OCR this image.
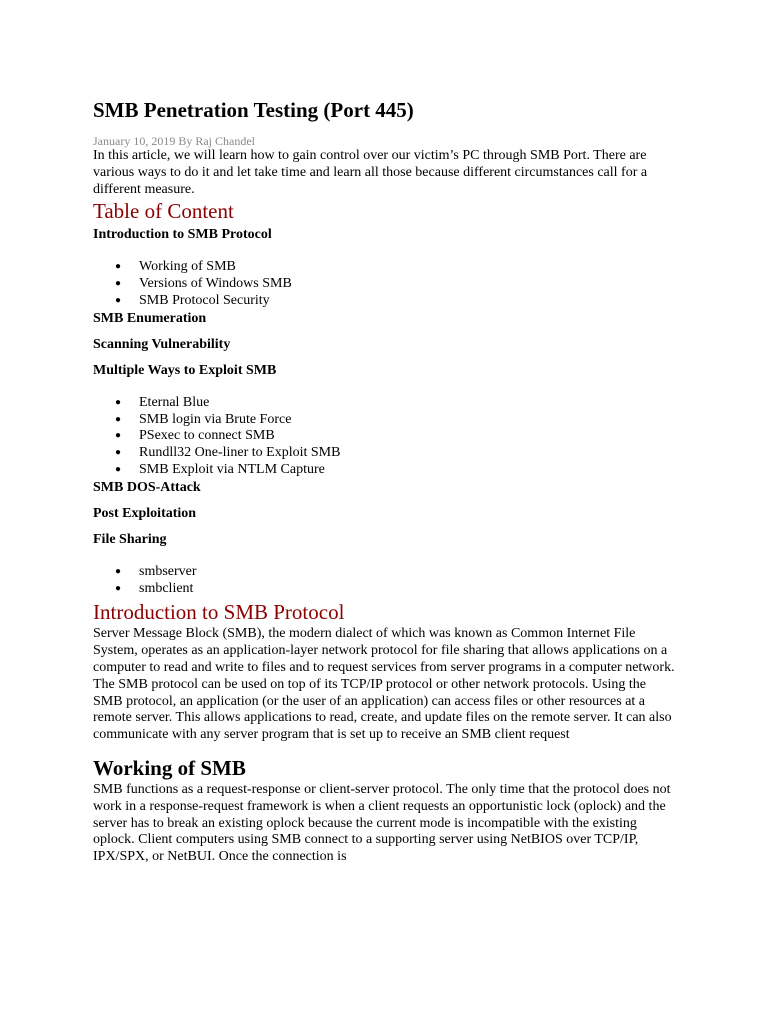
SMB Penetration Testing (Port 445)
January 10, 2019 By Raj Chandel

In this article, we will learn how to gain control over our victim’s PC through SMB Port. There are various ways to do it and let take time and learn all those because different circumstances call for a different measure.

Table of Content
Introduction to SMB Protocol
● Working of SMB
● Versions of Windows SMB
● SMB Protocol Security
SMB Enumeration
Scanning Vulnerability
Multiple Ways to Exploit SMB
● Eternal Blue
● SMB login via Brute Force
● PSexec to connect SMB
● Rundll32 One-liner to Exploit SMB
● SMB Exploit via NTLM Capture
SMB DOS-Attack
Post Exploitation
File Sharing
● smbserver
● smbclient
Introduction to SMB Protocol

Server Message Block (SMB), the modern dialect of which was known as Common Internet File System, operates as an application-layer network protocol for file sharing that allows applications on a computer to read and write to files and to request services from server programs in a computer network. The SMB protocol can be used on top of its TCP/IP protocol or other network protocols. Using the SMB protocol, an application (or the user of an application) can access files or other resources at a remote server. This allows applications to read, create, and update files on the remote server. It can also communicate with any server program that is set up to receive an SMB client request

Working of SMB

SMB functions as a request-response or client-server protocol. The only time that the protocol does not work in a response-request framework is when a client requests an opportunistic lock (oplock) and the server has to break an existing oplock because the current mode is incompatible with the existing oplock. Client computers using SMB connect to a supporting server using NetBIOS over TCP/IP, IPX/SPX, or NetBUI. Once the connection is
